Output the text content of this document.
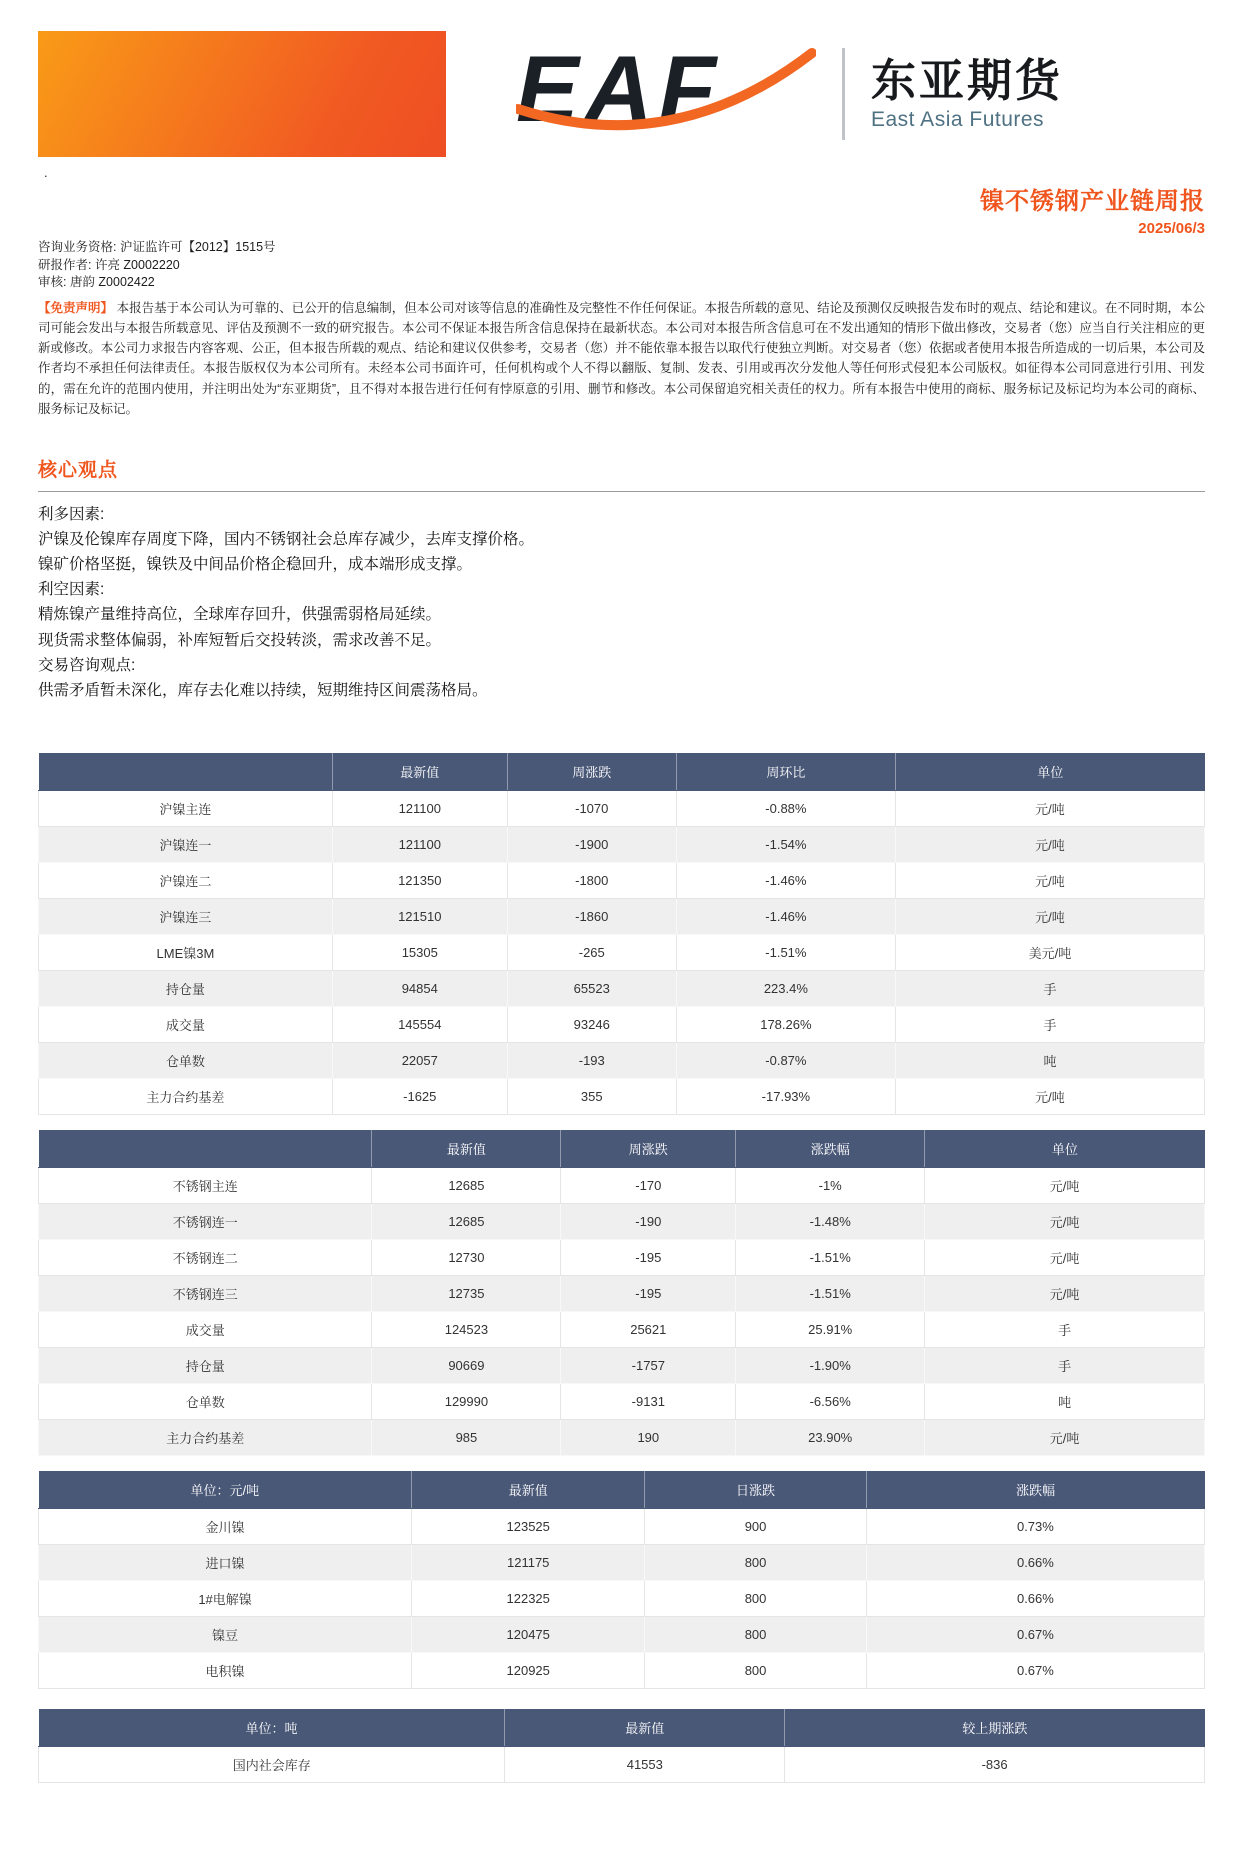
EAF	东亚期货
East Asia Futures
.
镍不锈钢产业链周报
2025/06/3
咨询业务资格: 沪证监许可【2012】1515号
研报作者: 许亮 Z0002220
审核: 唐韵 Z0002422

【免责声明】 本报告基于本公司认为可靠的、已公开的信息编制，但本公司对该等信息的准确性及完整性不作任何保证。本报告所载的意见、结论及预测仅反映报告发布时的观点、结论和建议。在不同时期，本公司可能会发出与本报告所载意见、评估及预测不一致的研究报告。本公司不保证本报告所含信息保持在最新状态。本公司对本报告所含信息可在不发出通知的情形下做出修改，交易者（您）应当自行关注相应的更新或修改。本公司力求报告内容客观、公正，但本报告所载的观点、结论和建议仅供参考，交易者（您）并不能依靠本报告以取代行使独立判断。对交易者（您）依据或者使用本报告所造成的一切后果，本公司及作者均不承担任何法律责任。本报告版权仅为本公司所有。未经本公司书面许可，任何机构或个人不得以翻版、复制、发表、引用或再次分发他人等任何形式侵犯本公司版权。如征得本公司同意进行引用、刊发的，需在允许的范围内使用，并注明出处为“东亚期货”，且不得对本报告进行任何有悖原意的引用、删节和修改。本公司保留追究相关责任的权力。所有本报告中使用的商标、服务标记及标记均为本公司的商标、服务标记及标记。

核心观点
利多因素:
沪镍及伦镍库存周度下降，国内不锈钢社会总库存减少，去库支撑价格。
镍矿价格坚挺，镍铁及中间品价格企稳回升，成本端形成支撑。
利空因素:
精炼镍产量维持高位，全球库存回升，供强需弱格局延续。
现货需求整体偏弱，补库短暂后交投转淡，需求改善不足。
交易咨询观点:
供需矛盾暂未深化，库存去化难以持续，短期维持区间震荡格局。
	最新值	周涨跌	周环比	单位
沪镍主连	121100	-1070	-0.88%	元/吨
沪镍连一	121100	-1900	-1.54%	元/吨
沪镍连二	121350	-1800	-1.46%	元/吨
沪镍连三	121510	-1860	-1.46%	元/吨
LME镍3M	15305	-265	-1.51%	美元/吨
持仓量	94854	65523	223.4%	手
成交量	145554	93246	178.26%	手
仓单数	22057	-193	-0.87%	吨
主力合约基差	-1625	355	-17.93%	元/吨
	最新值	周涨跌	涨跌幅	单位
不锈钢主连	12685	-170	-1%	元/吨
不锈钢连一	12685	-190	-1.48%	元/吨
不锈钢连二	12730	-195	-1.51%	元/吨
不锈钢连三	12735	-195	-1.51%	元/吨
成交量	124523	25621	25.91%	手
持仓量	90669	-1757	-1.90%	手
仓单数	129990	-9131	-6.56%	吨
主力合约基差	985	190	23.90%	元/吨
单位：元/吨	最新值	日涨跌	涨跌幅
金川镍	123525	900	0.73%
进口镍	121175	800	0.66%
1#电解镍	122325	800	0.66%
镍豆	120475	800	0.67%
电积镍	120925	800	0.67%
单位：吨	最新值	较上期涨跌
国内社会库存	41553	-836
